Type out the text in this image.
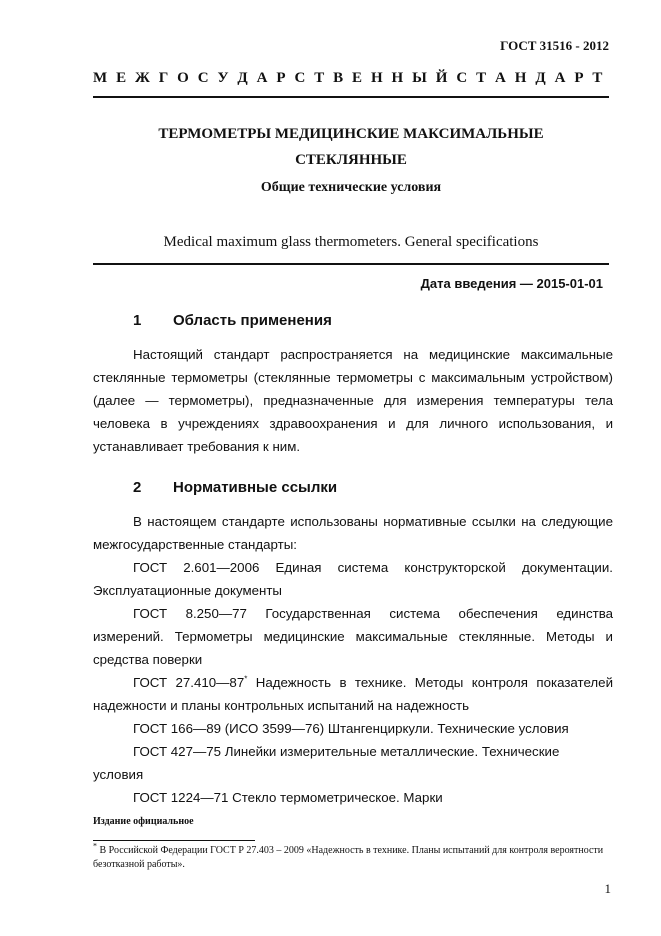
ГОСТ 31516 - 2012
М Е Ж Г О С У Д А Р С Т В Е Н Н Ы Й С Т А Н Д А Р Т
ТЕРМОМЕТРЫ МЕДИЦИНСКИЕ МАКСИМАЛЬНЫЕ
СТЕКЛЯННЫЕ
Общие технические условия
Medical maximum glass thermometers. General specifications
Дата введения — 2015-01-01
1 Область применения
Настоящий стандарт распространяется на медицинские максимальные стеклянные термометры (стеклянные термометры с максимальным устройством) (далее — термометры), предназначенные для измерения температуры тела человека в учреждениях здравоохранения и для личного использования, и устанавливает требования к ним.
2 Нормативные ссылки
В настоящем стандарте использованы нормативные ссылки на следующие межгосударственные стандарты:
ГОСТ 2.601—2006 Единая система конструкторской документации. Эксплуатационные документы
ГОСТ 8.250—77 Государственная система обеспечения единства измерений. Термометры медицинские максимальные стеклянные. Методы и средства поверки
ГОСТ 27.410—87* Надежность в технике. Методы контроля показателей надежности и планы контрольных испытаний на надежность
ГОСТ 166—89 (ИСО 3599—76) Штангенциркули. Технические условия
ГОСТ 427—75 Линейки измерительные металлические. Технические условия
ГОСТ 1224—71 Стекло термометрическое. Марки
Издание официальное
* В Российской Федерации ГОСТ Р 27.403 – 2009 «Надежность в технике. Планы испытаний для контроля вероятности безотказной работы».
1
